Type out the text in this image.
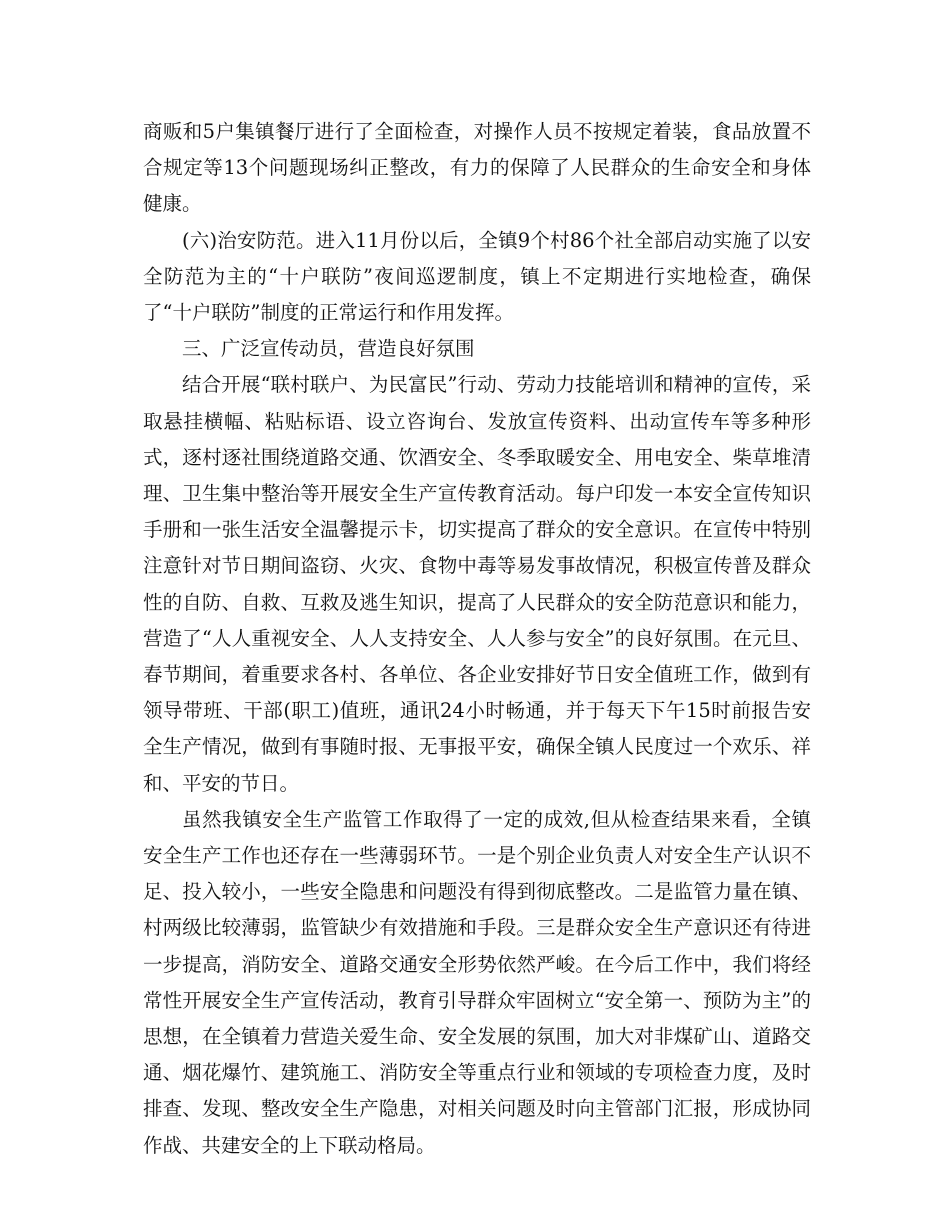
商贩和5户集镇餐厅进行了全面检查，对操作人员不按规定着装，食品放置不合规定等13个问题现场纠正整改，有力的保障了人民群众的生命安全和身体健康。

(六)治安防范。进入11月份以后，全镇9个村86个社全部启动实施了以安全防范为主的“十户联防”夜间巡逻制度，镇上不定期进行实地检查，确保了“十户联防”制度的正常运行和作用发挥。

三、广泛宣传动员，营造良好氛围

结合开展“联村联户、为民富民”行动、劳动力技能培训和精神的宣传，采取悬挂横幅、粘贴标语、设立咨询台、发放宣传资料、出动宣传车等多种形式，逐村逐社围绕道路交通、饮酒安全、冬季取暖安全、用电安全、柴草堆清理、卫生集中整治等开展安全生产宣传教育活动。每户印发一本安全宣传知识手册和一张生活安全温馨提示卡，切实提高了群众的安全意识。在宣传中特别注意针对节日期间盗窃、火灾、食物中毒等易发事故情况，积极宣传普及群众性的自防、自救、互救及逃生知识，提高了人民群众的安全防范意识和能力，营造了“人人重视安全、人人支持安全、人人参与安全”的良好氛围。在元旦、春节期间，着重要求各村、各单位、各企业安排好节日安全值班工作，做到有领导带班、干部(职工)值班，通讯24小时畅通，并于每天下午15时前报告安全生产情况，做到有事随时报、无事报平安，确保全镇人民度过一个欢乐、祥和、平安的节日。

虽然我镇安全生产监管工作取得了一定的成效,但从检查结果来看，全镇安全生产工作也还存在一些薄弱环节。一是个别企业负责人对安全生产认识不足、投入较小，一些安全隐患和问题没有得到彻底整改。二是监管力量在镇、村两级比较薄弱，监管缺少有效措施和手段。三是群众安全生产意识还有待进一步提高，消防安全、道路交通安全形势依然严峻。在今后工作中，我们将经常性开展安全生产宣传活动，教育引导群众牢固树立“安全第一、预防为主”的思想，在全镇着力营造关爱生命、安全发展的氛围，加大对非煤矿山、道路交通、烟花爆竹、建筑施工、消防安全等重点行业和领域的专项检查力度，及时排查、发现、整改安全生产隐患，对相关问题及时向主管部门汇报，形成协同作战、共建安全的上下联动格局。
